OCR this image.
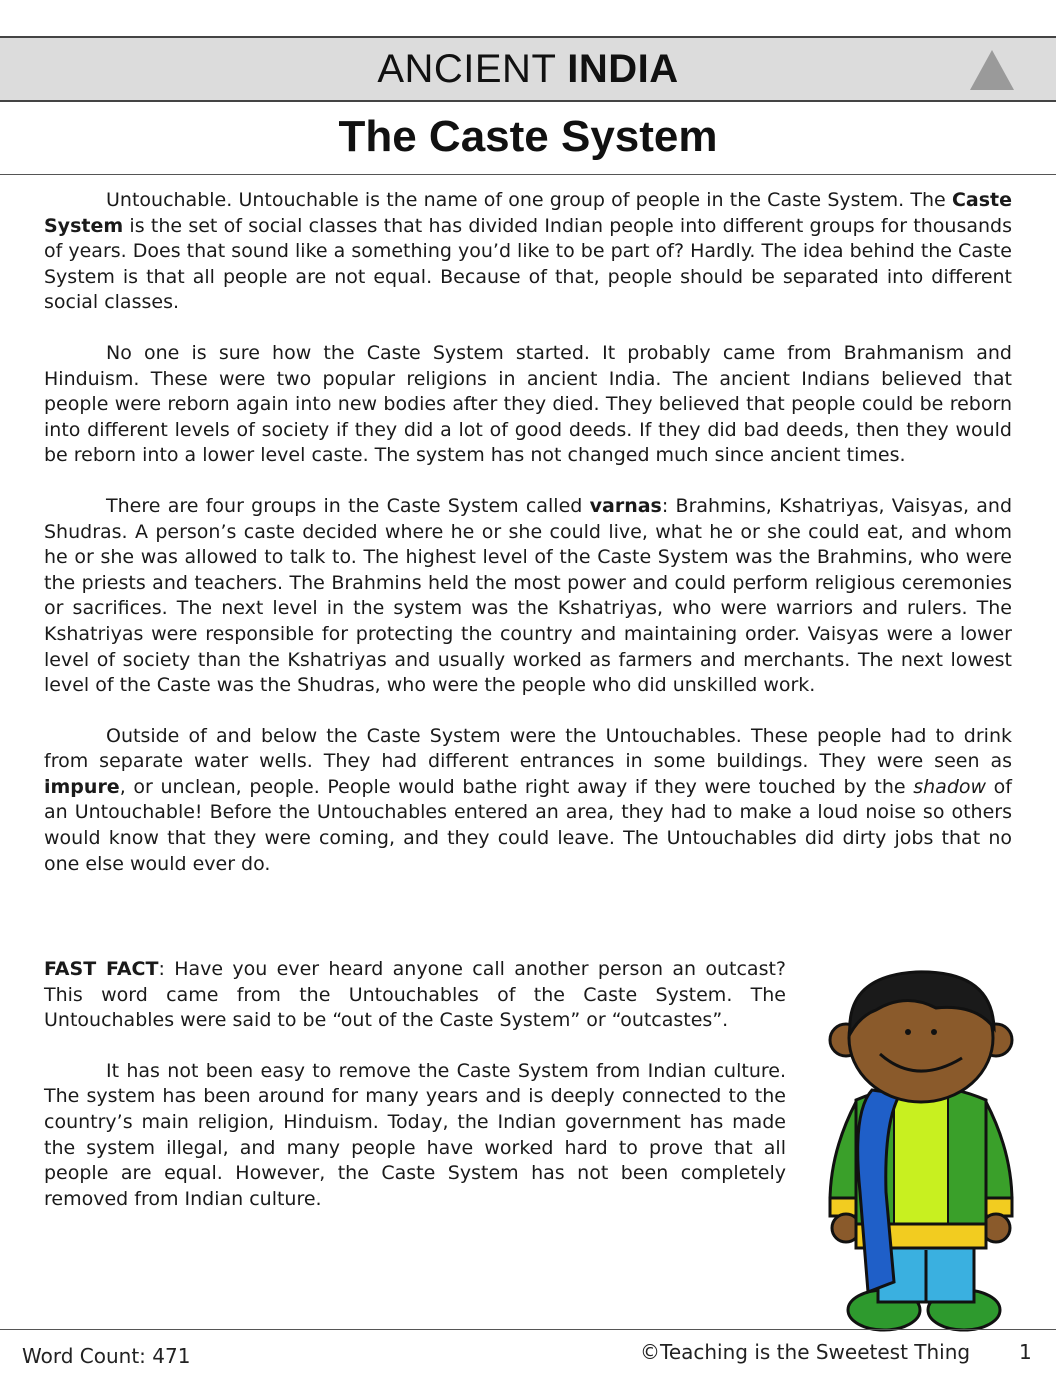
ANCIENT INDIA
The Caste System

Untouchable. Untouchable is the name of one group of people in the Caste System. The Caste System is the set of social classes that has divided Indian people into different groups for thousands of years. Does that sound like a something you’d like to be part of? Hardly. The idea behind the Caste System is that all people are not equal. Because of that, people should be separated into different social classes.

No one is sure how the Caste System started. It probably came from Brahmanism and Hinduism. These were two popular religions in ancient India. The ancient Indians believed that people were reborn again into new bodies after they died. They believed that people could be reborn into different levels of society if they did a lot of good deeds. If they did bad deeds, then they would be reborn into a lower level caste. The system has not changed much since ancient times.

There are four groups in the Caste System called varnas: Brahmins, Kshatriyas, Vaisyas, and Shudras. A person’s caste decided where he or she could live, what he or she could eat, and whom he or she was allowed to talk to. The highest level of the Caste System was the Brahmins, who were the priests and teachers. The Brahmins held the most power and could perform religious ceremonies or sacrifices. The next level in the system was the Kshatriyas, who were warriors and rulers. The Kshatriyas were responsible for protecting the country and maintaining order. Vaisyas were a lower level of society than the Kshatriyas and usually worked as farmers and merchants. The next lowest level of the Caste was the Shudras, who were the people who did unskilled work.

Outside of and below the Caste System were the Untouchables. These people had to drink from separate water wells. They had different entrances in some buildings. They were seen as impure, or unclean, people. People would bathe right away if they were touched by the shadow of an Untouchable! Before the Untouchables entered an area, they had to make a loud noise so others would know that they were coming, and they could leave. The Untouchables did dirty jobs that no one else would ever do.

FAST FACT: Have you ever heard anyone call another person an outcast? This word came from the Untouchables of the Caste System. The Untouchables were said to be “out of the Caste System” or “outcastes”.

It has not been easy to remove the Caste System from Indian culture. The system has been around for many years and is deeply connected to the country’s main religion, Hinduism. Today, the Indian government has made the system illegal, and many people have worked hard to prove that all people are equal. However, the Caste System has not been completely removed from Indian culture.

Word Count: 471	©Teaching is the Sweetest Thing 1
